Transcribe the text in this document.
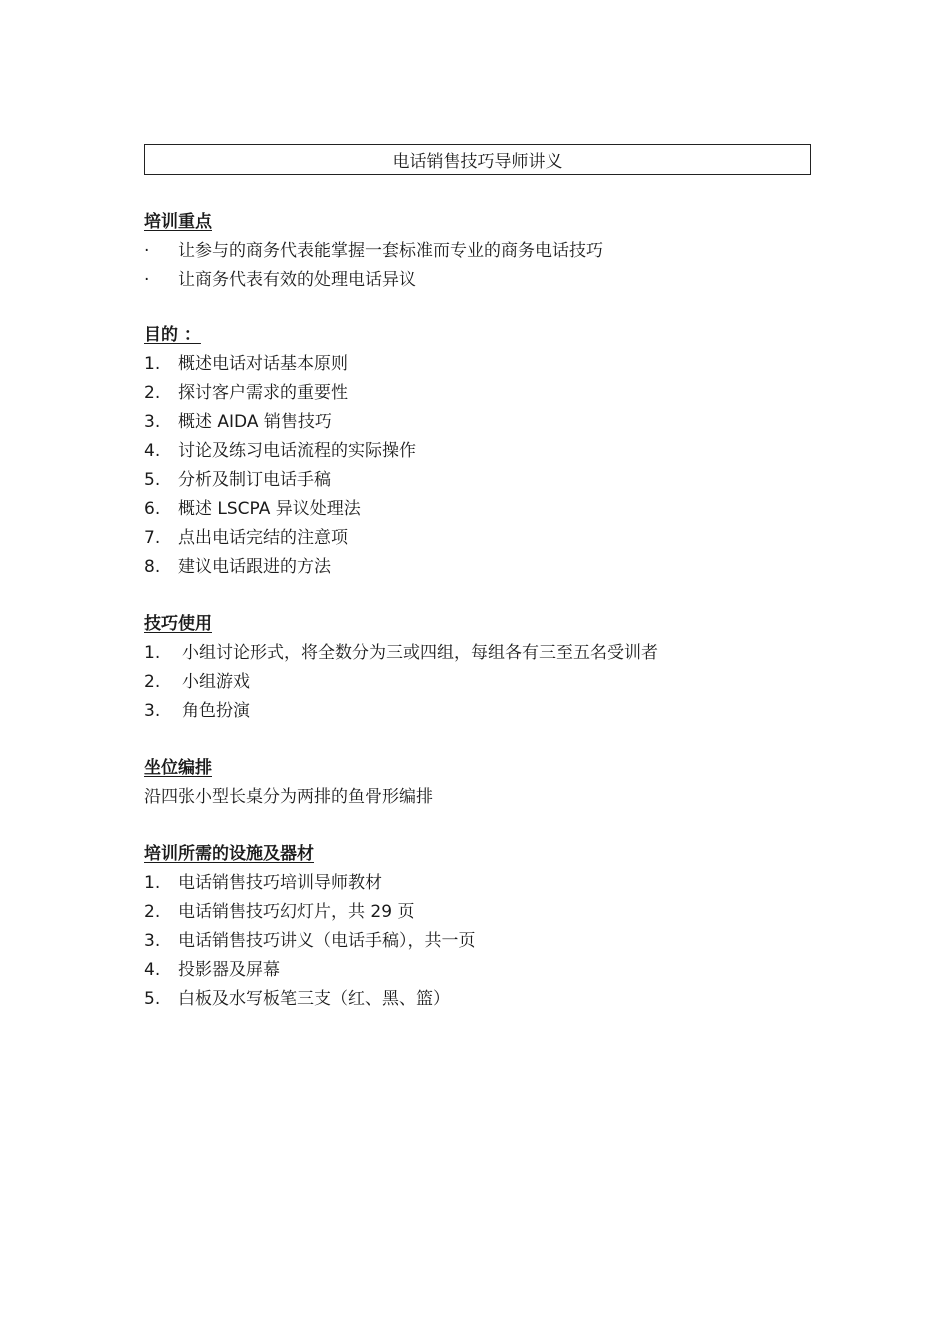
电话销售技巧导师讲义
培训重点
·	让参与的商务代表能掌握一套标准而专业的商务电话技巧
·	让商务代表有效的处理电话异议
目的 ：
1.	概述电话对话基本原则
2.	探讨客户需求的重要性
3.	概述 AIDA 销售技巧
4.	讨论及练习电话流程的实际操作
5.	分析及制订电话手稿
6.	概述 LSCPA 异议处理法
7.	点出电话完结的注意项
8.	建议电话跟进的方法
技巧使用
1.	小组讨论形式，将全数分为三或四组，每组各有三至五名受训者
2.	小组游戏
3.	角色扮演
坐位编排
沿四张小型长桌分为两排的鱼骨形编排
培训所需的设施及器材
1.	电话销售技巧培训导师教材
2.	电话销售技巧幻灯片，共 29 页
3.	电话销售技巧讲义（电话手稿），共一页
4.	投影器及屏幕
5.	白板及水写板笔三支（红、黑、篮）
